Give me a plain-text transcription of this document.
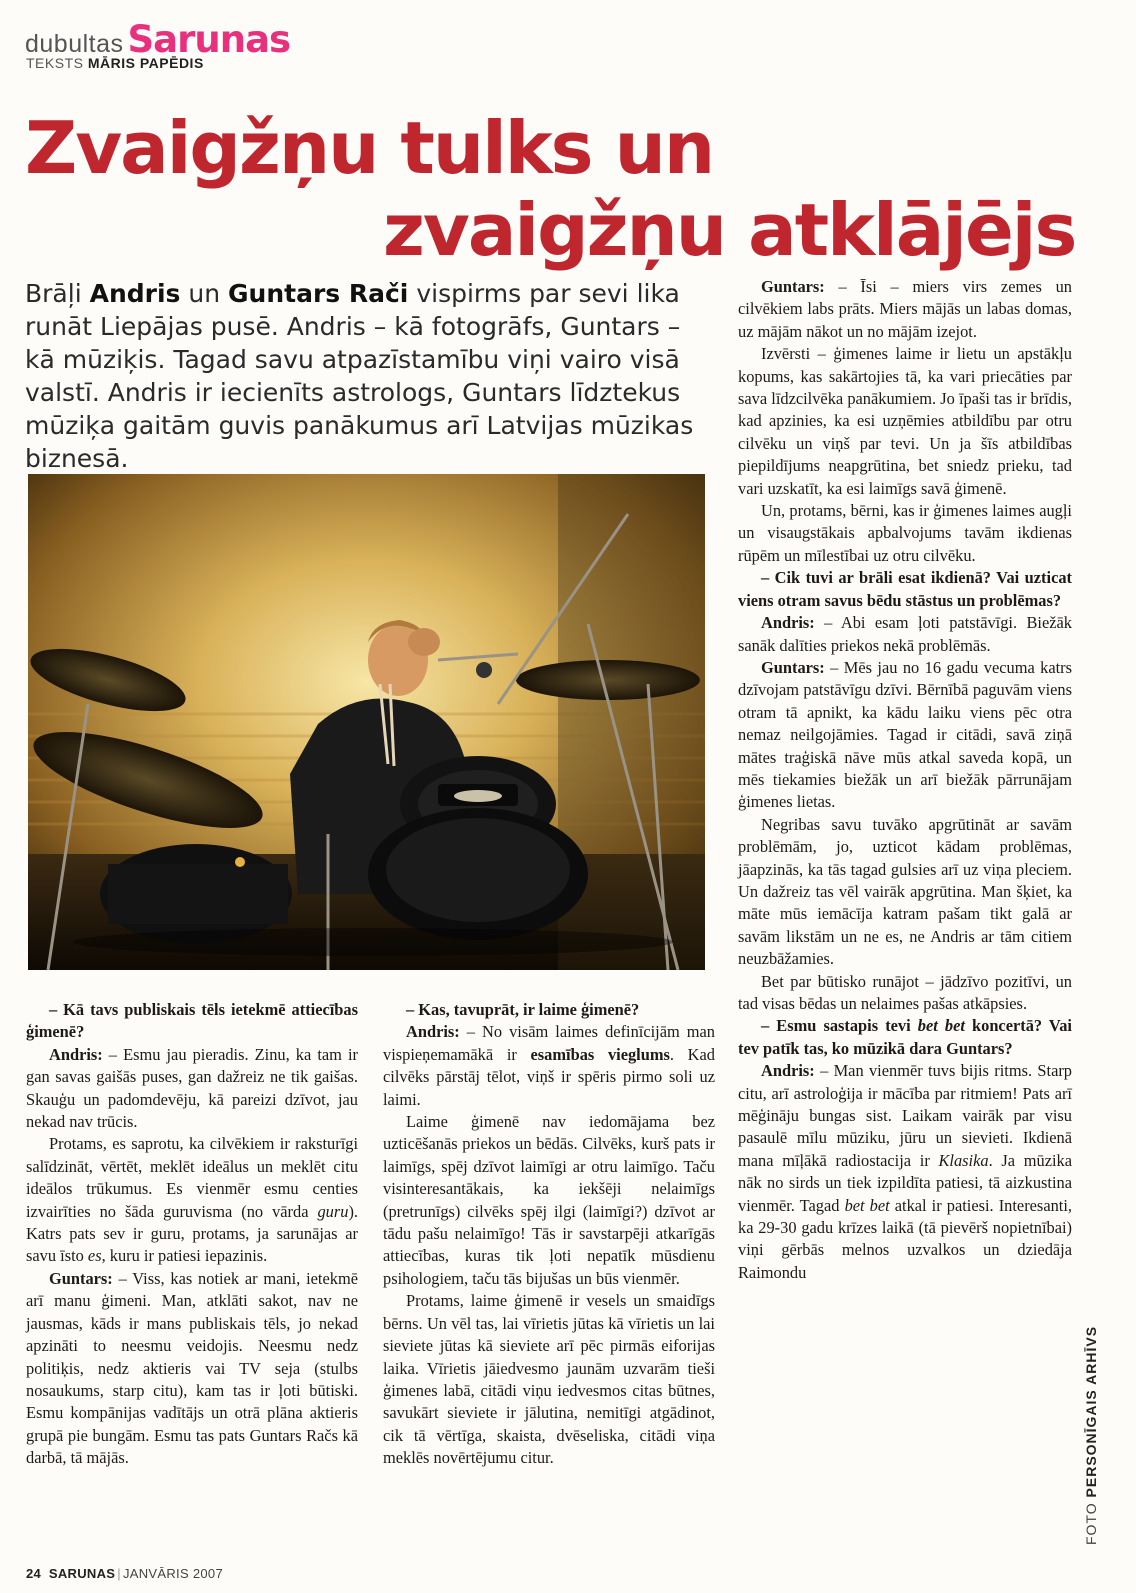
dubultas Sarunas
TEKSTS MĀRIS PAPĒDIS
Zvaigžņu tulks un
zvaigžņu atklājējs
Brāļi Andris un Guntars Rači vispirms par sevi lika runāt Liepājas pusē. Andris – kā fotogrāfs, Guntars – kā mūziķis. Tagad savu atpazīstamību viņi vairo visā valstī. Andris ir iecienīts astrologs, Guntars līdztekus mūziķa gaitām guvis panākumus arī Latvijas mūzikas biznesā.

– Kā tavs publiskais tēls ietekmē attiecības ģimenē?

Andris: – Esmu jau pieradis. Zinu, ka tam ir gan savas gaišās puses, gan dažreiz ne tik gaišas. Skauģu un padomdevēju, kā pareizi dzīvot, jau nekad nav trūcis.

Protams, es saprotu, ka cilvēkiem ir raksturīgi salīdzināt, vērtēt, meklēt ideālus un meklēt citu ideālos trūkumus. Es vienmēr esmu centies izvairīties no šāda guruvisma (no vārda guru). Katrs pats sev ir guru, protams, ja sarunājas ar savu īsto es, kuru ir patiesi iepazinis.

Guntars: – Viss, kas notiek ar mani, ietekmē arī manu ģimeni. Man, atklāti sakot, nav ne jausmas, kāds ir mans publiskais tēls, jo nekad apzināti to neesmu veidojis. Neesmu nedz politiķis, nedz aktieris vai TV seja (stulbs nosaukums, starp citu), kam tas ir ļoti būtiski. Esmu kompānijas vadītājs un otrā plāna aktieris grupā pie bungām. Esmu tas pats Guntars Račs kā darbā, tā mājās.

– Kas, tavuprāt, ir laime ģimenē?

Andris: – No visām laimes definīcijām man vispieņemamākā ir esamības vieglums. Kad cilvēks pārstāj tēlot, viņš ir spēris pirmo soli uz laimi.

Laime ģimenē nav iedomājama bez uzticēšanās priekos un bēdās. Cilvēks, kurš pats ir laimīgs, spēj dzīvot laimīgi ar otru laimīgo. Taču visinteresantākais, ka iekšēji nelaimīgs (pretrunīgs) cilvēks spēj ilgi (laimīgi?) dzīvot ar tādu pašu nelaimīgo! Tās ir savstarpēji atkarīgās attiecības, kuras tik ļoti nepatīk mūsdienu psihologiem, taču tās bijušas un būs vienmēr.

Protams, laime ģimenē ir vesels un smaidīgs bērns. Un vēl tas, lai vīrietis jūtas kā vīrietis un lai sieviete jūtas kā sieviete arī pēc pirmās eiforijas laika. Vīrietis jāiedvesmo jaunām uzvarām tieši ģimenes labā, citādi viņu iedvesmos citas būtnes, savukārt sieviete ir jālutina, nemitīgi atgādinot, cik tā vērtīga, skaista, dvēseliska, citādi viņa meklēs novērtējumu citur.

Guntars: – Īsi – miers virs zemes un cilvēkiem labs prāts. Miers mājās un labas domas, uz mājām nākot un no mājām izejot.

Izvērsti – ģimenes laime ir lietu un apstākļu kopums, kas sakārtojies tā, ka vari priecāties par sava līdzcilvēka panākumiem. Jo īpaši tas ir brīdis, kad apzinies, ka esi uzņēmies atbildību par otru cilvēku un viņš par tevi. Un ja šīs atbildības piepildījums neapgrūtina, bet sniedz prieku, tad vari uzskatīt, ka esi laimīgs savā ģimenē.

Un, protams, bērni, kas ir ģimenes laimes augļi un visaugstākais apbalvojums tavām ikdienas rūpēm un mīlestībai uz otru cilvēku.

– Cik tuvi ar brāli esat ikdienā? Vai uzticat viens otram savus bēdu stāstus un problēmas?

Andris: – Abi esam ļoti patstāvīgi. Biežāk sanāk dalīties priekos nekā problēmās.

Guntars: – Mēs jau no 16 gadu vecuma katrs dzīvojam patstāvīgu dzīvi. Bērnībā paguvām viens otram tā apnikt, ka kādu laiku viens pēc otra nemaz neilgojāmies. Tagad ir citādi, savā ziņā mātes traģiskā nāve mūs atkal saveda kopā, un mēs tiekamies biežāk un arī biežāk pārrunājam ģimenes lietas.

Negribas savu tuvāko apgrūtināt ar savām problēmām, jo, uzticot kādam problēmas, jāapzinās, ka tās tagad gulsies arī uz viņa pleciem. Un dažreiz tas vēl vairāk apgrūtina. Man šķiet, ka māte mūs iemācīja katram pašam tikt galā ar savām likstām un ne es, ne Andris ar tām citiem neuzbāžamies.

Bet par būtisko runājot – jādzīvo pozitīvi, un tad visas bēdas un nelaimes pašas atkāpsies.

– Esmu sastapis tevi bet bet koncertā? Vai tev patīk tas, ko mūzikā dara Guntars?

Andris: – Man vienmēr tuvs bijis ritms. Starp citu, arī astroloģija ir mācība par ritmiem! Pats arī mēģināju bungas sist. Laikam vairāk par visu pasaulē mīlu mūziku, jūru un sievieti. Ikdienā mana mīļākā radiostacija ir Klasika. Ja mūzika nāk no sirds un tiek izpildīta patiesi, tā aizkustina vienmēr. Tagad bet bet atkal ir patiesi. Interesanti, ka 29-30 gadu krīzes laikā (tā pievērš nopietnībai) viņi gērbās melnos uzvalkos un dziedāja Raimondu

FOTO PERSONĪGAIS ARHĪVS
24 SARUNAS | JANVĀRIS 2007
